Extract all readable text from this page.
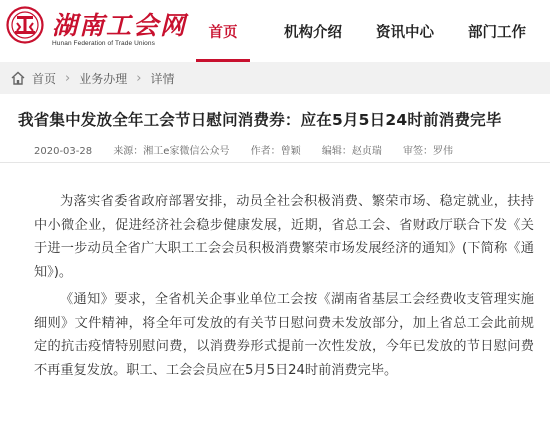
湖南工会网
Hunan Federation of Trade Unions
首页	机构介绍	资讯中心	部门工作
首页 › 业务办理 › 详情
我省集中发放全年工会节日慰问消费券：应在5月5日24时前消费完毕
2020-03-28 来源：湘工e家微信公众号 作者：曾颖 编辑：赵贞瑞 审签：罗伟

为落实省委省政府部署安排，动员全社会积极消费、繁荣市场、稳定就业，扶持中小微企业，促进经济社会稳步健康发展，近期，省总工会、省财政厅联合下发《关于进一步动员全省广大职工工会会员积极消费繁荣市场发展经济的通知》(下简称《通知》)。

《通知》要求，全省机关企事业单位工会按《湖南省基层工会经费收支管理实施细则》文件精神，将全年可发放的有关节日慰问费未发放部分，加上省总工会此前规定的抗击疫情特别慰问费，以消费券形式提前一次性发放，今年已发放的节日慰问费不再重复发放。职工、工会会员应在5月5日24时前消费完毕。
